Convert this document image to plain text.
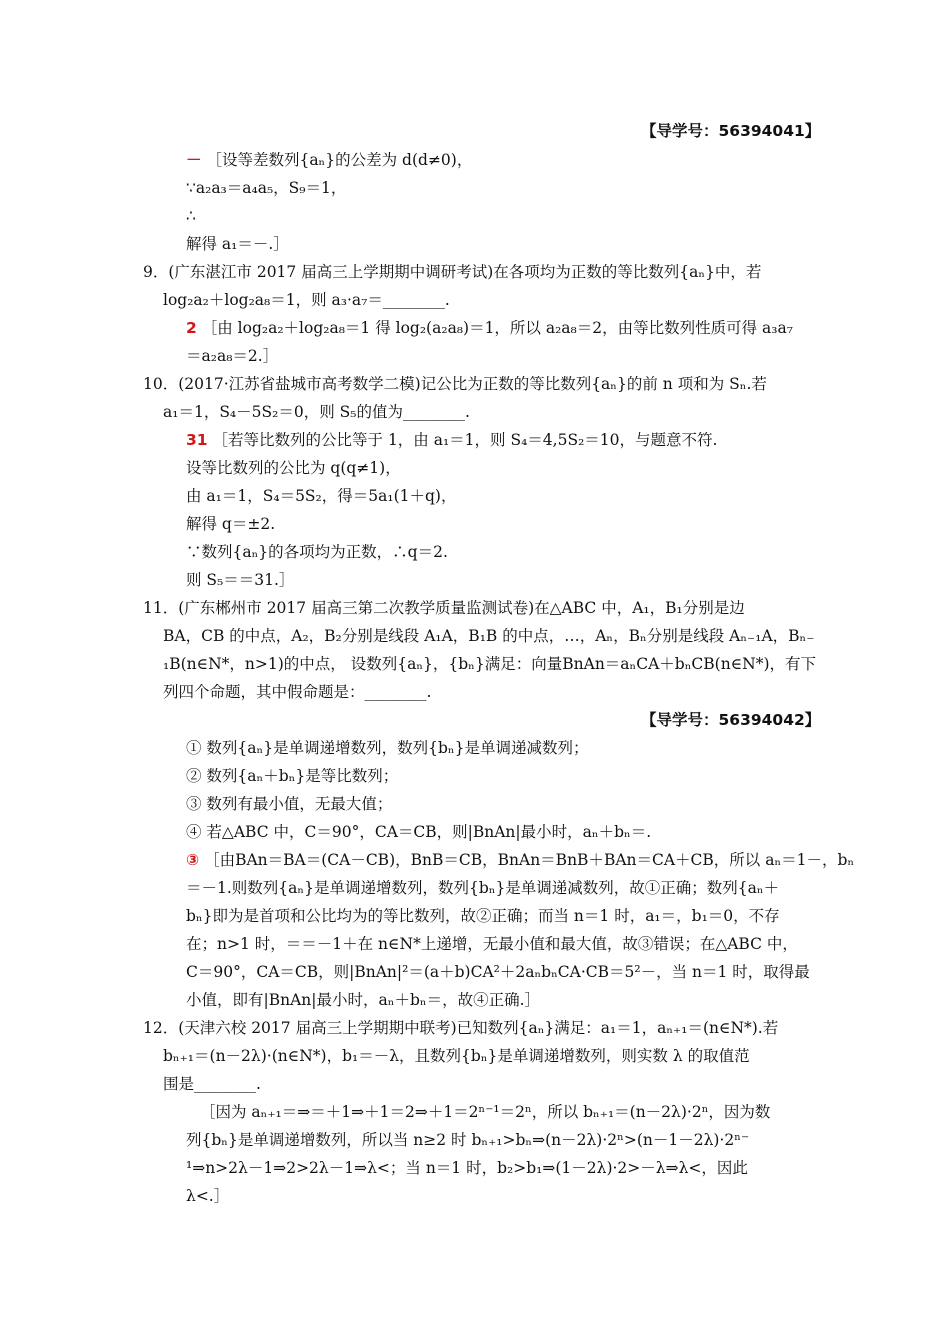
【导学号：56394041】
－ ［设等差数列{aₙ}的公差为 d(d≠0)，
∵a₂a₃＝a₄a₅，S₉＝1，
∴
解得 a₁＝－.］
9．(广东湛江市 2017 届高三上学期期中调研考试)在各项均为正数的等比数列{aₙ}中，若
log₂a₂＋log₂a₈＝1，则 a₃·a₇＝________.
2 ［由 log₂a₂＋log₂a₈＝1 得 log₂(a₂a₈)＝1，所以 a₂a₈＝2，由等比数列性质可得 a₃a₇
＝a₂a₈＝2.］
10．(2017·江苏省盐城市高考数学二模)记公比为正数的等比数列{aₙ}的前 n 项和为 Sₙ.若
a₁＝1，S₄－5S₂＝0，则 S₅的值为________.
31 ［若等比数列的公比等于 1，由 a₁＝1，则 S₄＝4,5S₂＝10，与题意不符.
设等比数列的公比为 q(q≠1)，
由 a₁＝1，S₄＝5S₂，得＝5a₁(1＋q)，
解得 q＝±2.
∵数列{aₙ}的各项均为正数，∴q＝2.
则 S₅＝＝31.］
11．(广东郴州市 2017 届高三第二次教学质量监测试卷)在△ABC 中，A₁，B₁分别是边
BA，CB 的中点，A₂，B₂分别是线段 A₁A，B₁B 的中点，…，Aₙ，Bₙ分别是线段 Aₙ₋₁A，Bₙ₋
₁B(n∈N*，n>1)的中点， 设数列{aₙ}，{bₙ}满足：向量BnAn＝aₙCA＋bₙCB(n∈N*)，有下
列四个命题，其中假命题是：________.
【导学号：56394042】
① 数列{aₙ}是单调递增数列，数列{bₙ}是单调递减数列；
② 数列{aₙ＋bₙ}是等比数列；
③ 数列有最小值，无最大值；
④ 若△ABC 中，C＝90°，CA＝CB，则|BnAn|最小时，aₙ＋bₙ＝.
③ ［由BAn＝BA＝(CA－CB)，BnB＝CB，BnAn＝BnB＋BAn＝CA＋CB，所以 aₙ＝1－，bₙ
＝－1.则数列{aₙ}是单调递增数列，数列{bₙ}是单调递减数列，故①正确；数列{aₙ＋
bₙ}即为是首项和公比均为的等比数列，故②正确；而当 n＝1 时，a₁＝，b₁＝0，不存
在；n>1 时，＝＝－1＋在 n∈N*上递增，无最小值和最大值，故③错误；在△ABC 中，
C＝90°，CA＝CB，则|BnAn|²＝(a＋b)CA²＋2aₙbₙCA·CB＝5²－，当 n＝1 时，取得最
小值，即有|BnAn|最小时，aₙ＋bₙ＝，故④正确.］
12．(天津六校 2017 届高三上学期期中联考)已知数列{aₙ}满足：a₁＝1，aₙ₊₁＝(n∈N*).若
bₙ₊₁＝(n－2λ)·(n∈N*)，b₁＝－λ，且数列{bₙ}是单调递增数列，则实数 λ 的取值范
围是________.
［因为 aₙ₊₁＝⇒＝＋1⇒＋1＝2⇒＋1＝2ⁿ⁻¹＝2ⁿ，所以 bₙ₊₁＝(n－2λ)·2ⁿ，因为数
列{bₙ}是单调递增数列，所以当 n≥2 时 bₙ₊₁>bₙ⇒(n－2λ)·2ⁿ>(n－1－2λ)·2ⁿ⁻
¹⇒n>2λ－1⇒2>2λ－1⇒λ<；当 n＝1 时，b₂>b₁⇒(1－2λ)·2>－λ⇒λ<，因此
λ<.］
